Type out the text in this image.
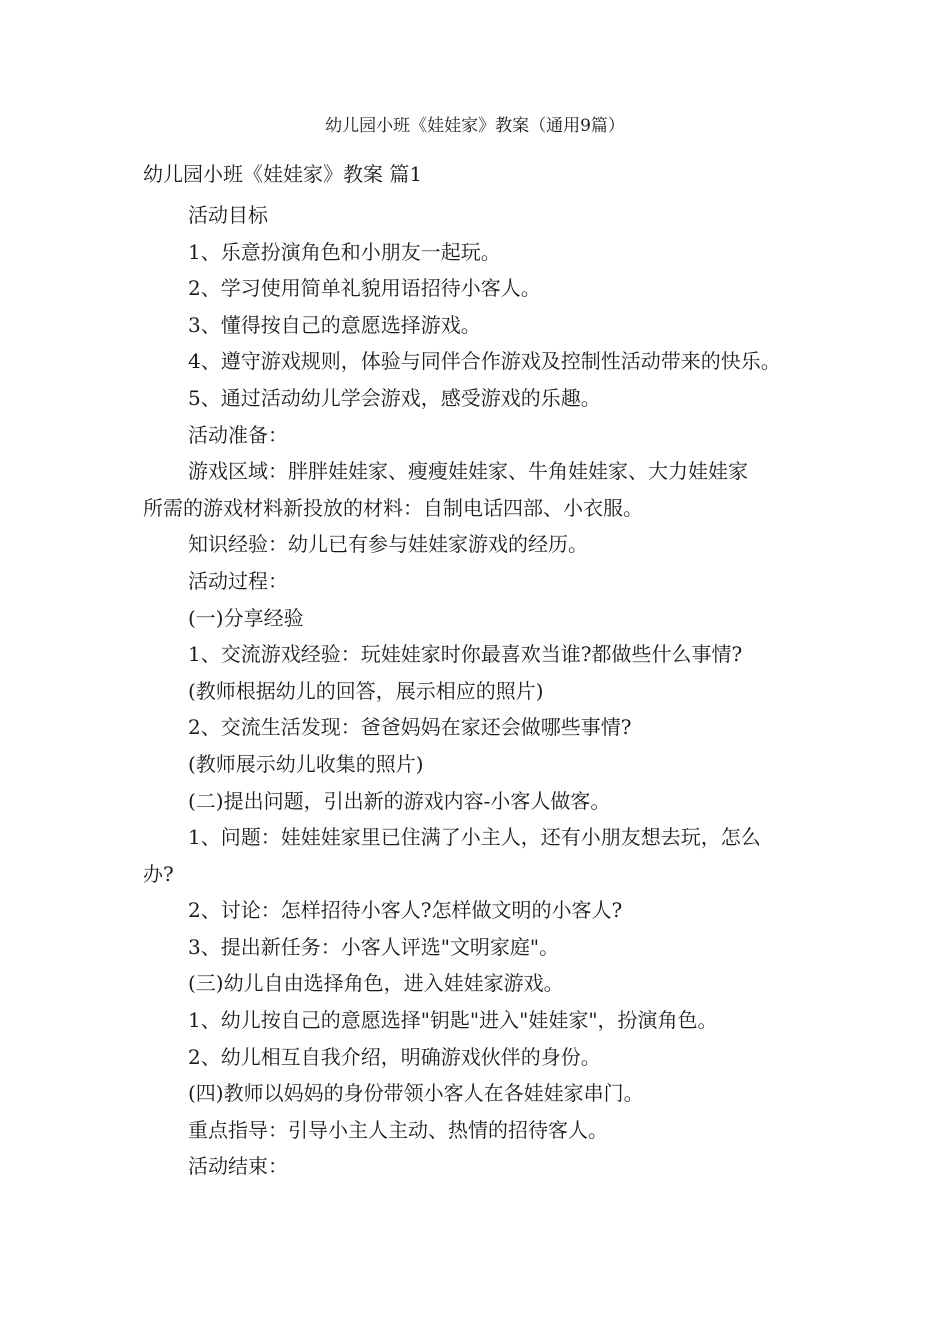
幼儿园小班《娃娃家》教案（通用9篇）
幼儿园小班《娃娃家》教案 篇1
活动目标
1、乐意扮演角色和小朋友一起玩。
2、学习使用简单礼貌用语招待小客人。
3、懂得按自己的意愿选择游戏。
4、遵守游戏规则，体验与同伴合作游戏及控制性活动带来的快乐。
5、通过活动幼儿学会游戏，感受游戏的乐趣。
活动准备：
游戏区域：胖胖娃娃家、瘦瘦娃娃家、牛角娃娃家、大力娃娃家
所需的游戏材料新投放的材料：自制电话四部、小衣服。
知识经验：幼儿已有参与娃娃家游戏的经历。
活动过程：
(一)分享经验
1、交流游戏经验：玩娃娃家时你最喜欢当谁?都做些什么事情?
(教师根据幼儿的回答，展示相应的照片)
2、交流生活发现：爸爸妈妈在家还会做哪些事情?
(教师展示幼儿收集的照片)
(二)提出问题，引出新的游戏内容-小客人做客。
1、问题：娃娃娃家里已住满了小主人，还有小朋友想去玩，怎么
办?
2、讨论：怎样招待小客人?怎样做文明的小客人?
3、提出新任务：小客人评选"文明家庭"。
(三)幼儿自由选择角色，进入娃娃家游戏。
1、幼儿按自己的意愿选择"钥匙"进入"娃娃家"，扮演角色。
2、幼儿相互自我介绍，明确游戏伙伴的身份。
(四)教师以妈妈的身份带领小客人在各娃娃家串门。
重点指导：引导小主人主动、热情的招待客人。
活动结束：
